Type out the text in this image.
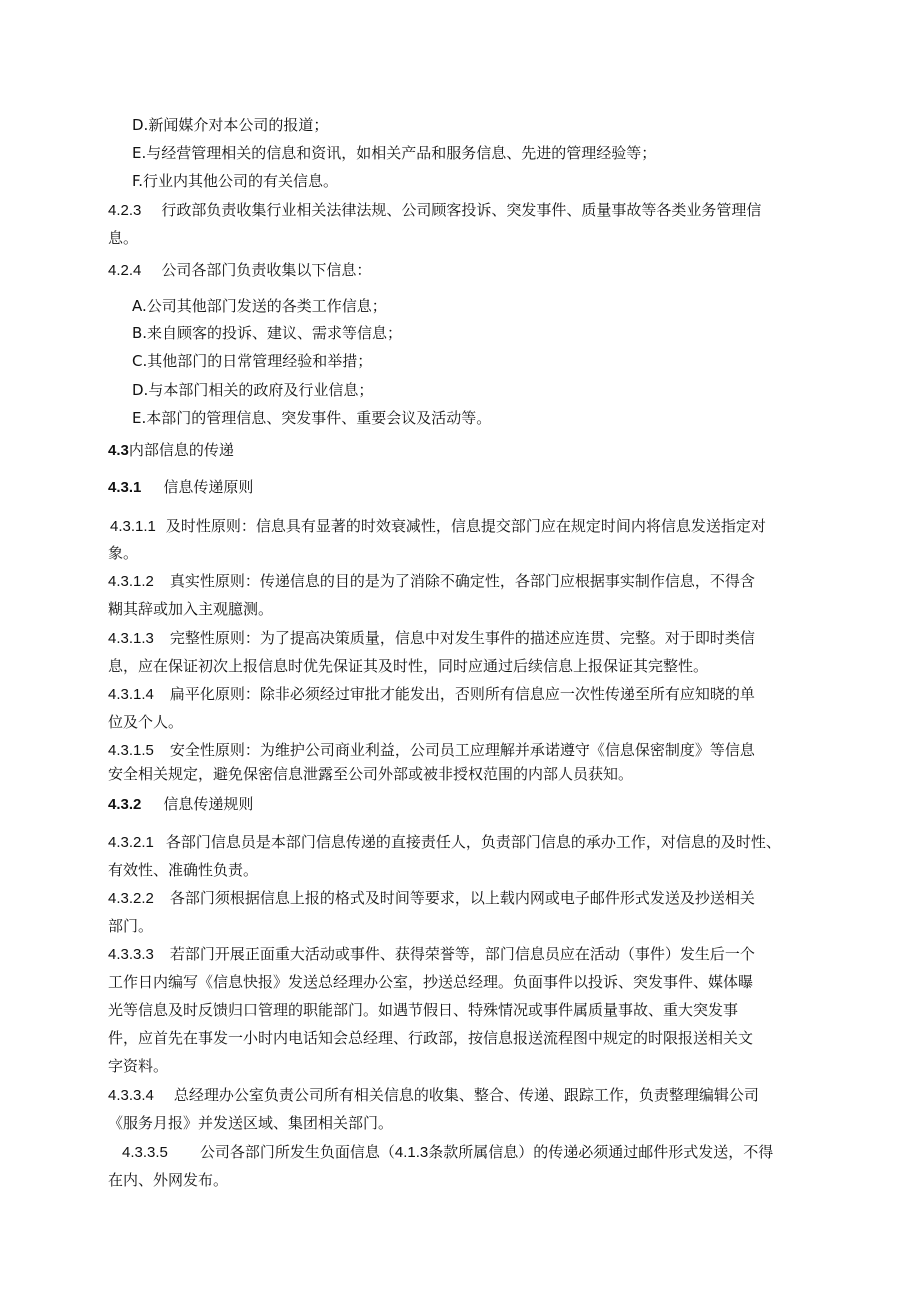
D.新闻媒介对本公司的报道；
E.与经营管理相关的信息和资讯，如相关产品和服务信息、先进的管理经验等；
F.行业内其他公司的有关信息。
4.2.3 行政部负责收集行业相关法律法规、公司顾客投诉、突发事件、质量事故等各类业务管理信
息。
4.2.4 公司各部门负责收集以下信息：
A.公司其他部门发送的各类工作信息；
B.来自顾客的投诉、建议、需求等信息；
C.其他部门的日常管理经验和举措；
D.与本部门相关的政府及行业信息；
E.本部门的管理信息、突发事件、重要会议及活动等。
4.3内部信息的传递
4.3.1 信息传递原则
4.3.1.1 及时性原则：信息具有显著的时效衰减性，信息提交部门应在规定时间内将信息发送指定对
象。
4.3.1.2 真实性原则：传递信息的目的是为了消除不确定性，各部门应根据事实制作信息，不得含
糊其辞或加入主观臆测。
4.3.1.3 完整性原则：为了提高决策质量，信息中对发生事件的描述应连贯、完整。对于即时类信
息，应在保证初次上报信息时优先保证其及时性，同时应通过后续信息上报保证其完整性。
4.3.1.4 扁平化原则：除非必须经过审批才能发出，否则所有信息应一次性传递至所有应知晓的单
位及个人。
4.3.1.5 安全性原则：为维护公司商业利益，公司员工应理解并承诺遵守《信息保密制度》等信息
安全相关规定，避免保密信息泄露至公司外部或被非授权范围的内部人员获知。
4.3.2 信息传递规则
4.3.2.1 各部门信息员是本部门信息传递的直接责任人，负责部门信息的承办工作，对信息的及时性、
有效性、准确性负责。
4.3.2.2 各部门须根据信息上报的格式及时间等要求，以上载内网或电子邮件形式发送及抄送相关
部门。
4.3.3.3 若部门开展正面重大活动或事件、获得荣誉等，部门信息员应在活动（事件）发生后一个
工作日内编写《信息快报》发送总经理办公室，抄送总经理。负面事件以投诉、突发事件、媒体曝
光等信息及时反馈归口管理的职能部门。如遇节假日、特殊情况或事件属质量事故、重大突发事
件，应首先在事发一小时内电话知会总经理、行政部，按信息报送流程图中规定的时限报送相关文
字资料。
4.3.3.4 总经理办公室负责公司所有相关信息的收集、整合、传递、跟踪工作，负责整理编辑公司
《服务月报》并发送区域、集团相关部门。
4.3.3.5 公司各部门所发生负面信息（4.1.3条款所属信息）的传递必须通过邮件形式发送，不得
在内、外网发布。
